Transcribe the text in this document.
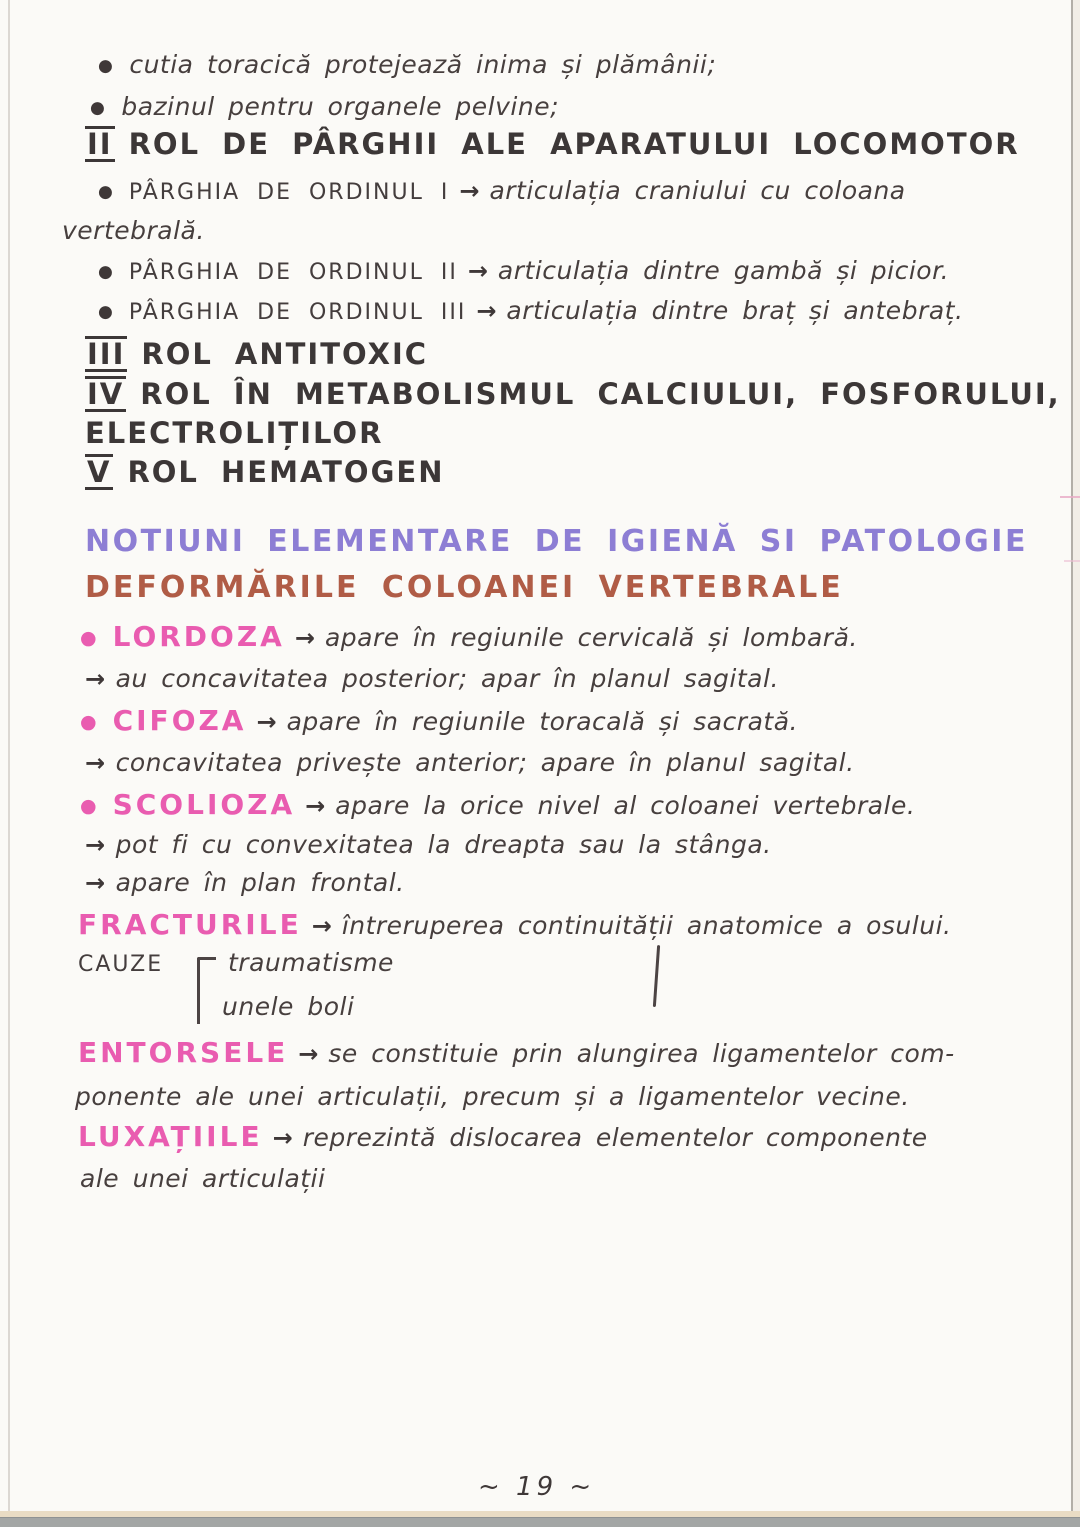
● cutia toracică protejează inima și plămânii;
● bazinul pentru organele pelvine;
II ROL DE PÂRGHII ALE APARATULUI LOCOMOTOR
● PÂRGHIA DE ORDINUL I → articulația craniului cu coloana
vertebrală.
● PÂRGHIA DE ORDINUL II → articulația dintre gambă și picior.
● PÂRGHIA DE ORDINUL III → articulația dintre braț și antebraț.
III ROL ANTITOXIC
IV ROL ÎN METABOLISMUL CALCIULUI, FOSFORULUI,
ELECTROLIȚILOR
V ROL HEMATOGEN
NOTIUNI ELEMENTARE DE IGIENĂ SI PATOLOGIE
DEFORMĂRILE COLOANEI VERTEBRALE
● LORDOZA → apare în regiunile cervicală și lombară.
→ au concavitatea posterior; apar în planul sagital.
● CIFOZA → apare în regiunile toracală și sacrată.
→ concavitatea privește anterior; apare în planul sagital.
● SCOLIOZA → apare la orice nivel al coloanei vertebrale.
→ pot fi cu convexitatea la dreapta sau la stânga.
→ apare în plan frontal.
FRACTURILE → întreruperea continuității anatomice a osului.
CAUZE	traumatisme
unele boli
ENTORSELE → se constituie prin alungirea ligamentelor com-
ponente ale unei articulații, precum și a ligamentelor vecine.
LUXAȚIILE → reprezintă dislocarea elementelor componente
ale unei articulații
~ 19 ~
